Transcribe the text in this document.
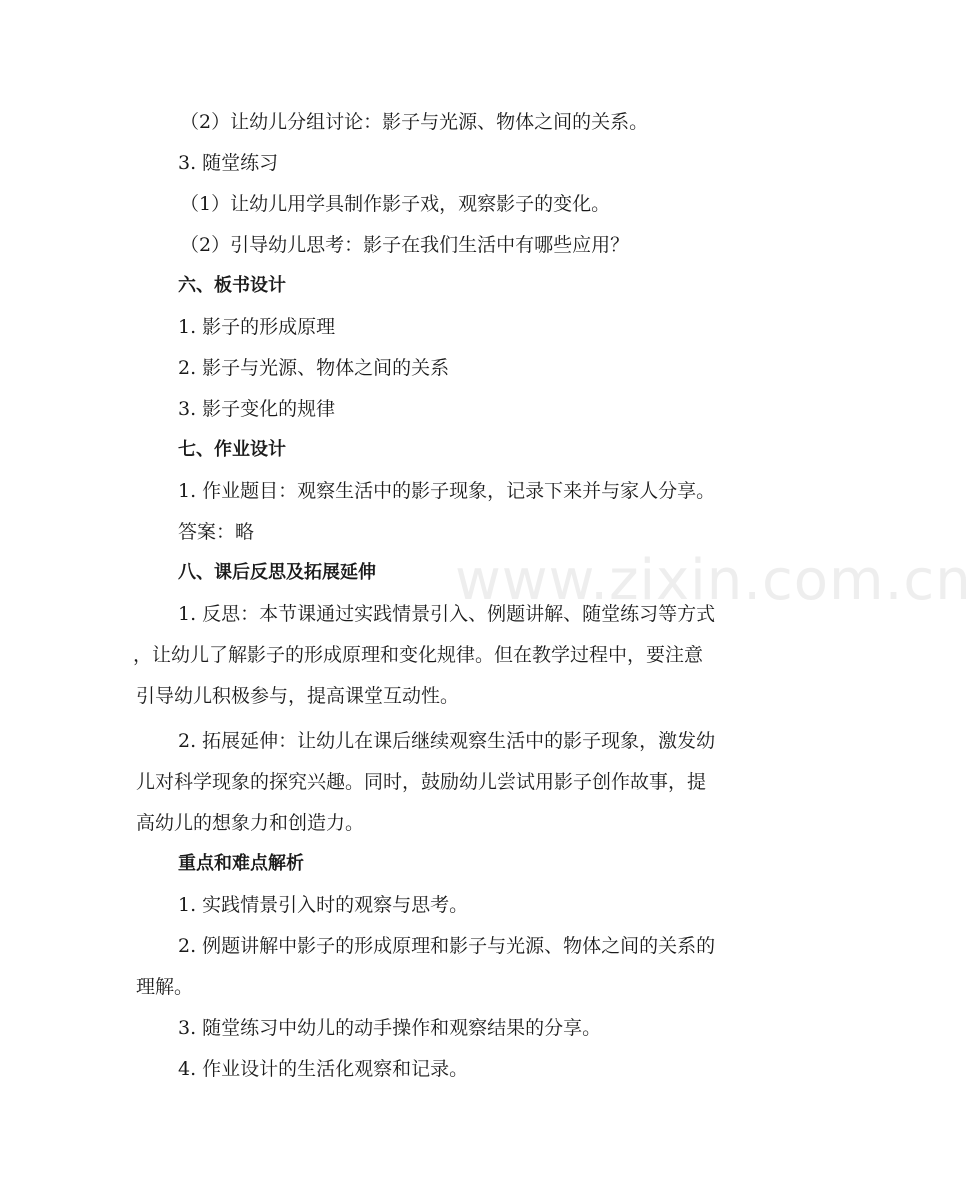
www.zixin.com.cn
（2）让幼儿分组讨论：影子与光源、物体之间的关系。
3. 随堂练习
（1）让幼儿用学具制作影子戏，观察影子的变化。
（2）引导幼儿思考：影子在我们生活中有哪些应用？
六、板书设计
1. 影子的形成原理
2. 影子与光源、物体之间的关系
3. 影子变化的规律
七、作业设计
1. 作业题目：观察生活中的影子现象，记录下来并与家人分享。
答案：略
八、课后反思及拓展延伸
1. 反思：本节课通过实践情景引入、例题讲解、随堂练习等方式
，让幼儿了解影子的形成原理和变化规律。但在教学过程中，要注意
引导幼儿积极参与，提高课堂互动性。
2. 拓展延伸：让幼儿在课后继续观察生活中的影子现象，激发幼
儿对科学现象的探究兴趣。同时，鼓励幼儿尝试用影子创作故事，提
高幼儿的想象力和创造力。
重点和难点解析
1. 实践情景引入时的观察与思考。
2. 例题讲解中影子的形成原理和影子与光源、物体之间的关系的
理解。
3. 随堂练习中幼儿的动手操作和观察结果的分享。
4. 作业设计的生活化观察和记录。
